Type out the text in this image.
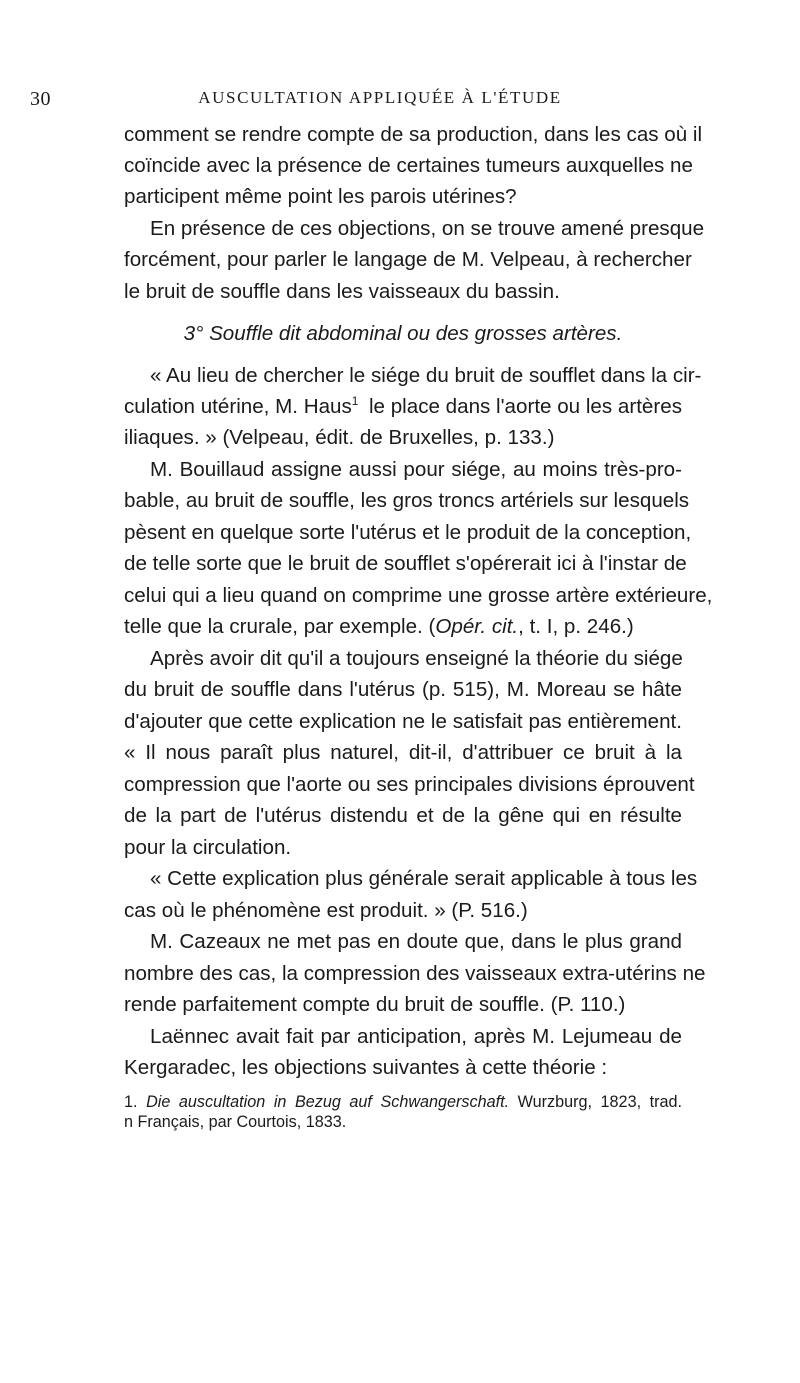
30	AUSCULTATION APPLIQUÉE À L'ÉTUDE
comment se rendre compte de sa production, dans les cas où il
coïncide avec la présence de certaines tumeurs auxquelles ne
participent même point les parois utérines?
En présence de ces objections, on se trouve amené presque
forcément, pour parler le langage de M. Velpeau, à rechercher
le bruit de souffle dans les vaisseaux du bassin.
3° Souffle dit abdominal ou des grosses artères.
« Au lieu de chercher le siége du bruit de soufflet dans la cir-
culation utérine, M. Haus$^1$ le place dans l'aorte ou les artères
iliaques. » (Velpeau, édit. de Bruxelles, p. 133.)
M. Bouillaud assigne aussi pour siége, au moins très-pro-
bable, au bruit de souffle, les gros troncs artériels sur lesquels
pèsent en quelque sorte l'utérus et le produit de la conception,
de telle sorte que le bruit de soufflet s'opérerait ici à l'instar de
celui qui a lieu quand on comprime une grosse artère extérieure,
telle que la crurale, par exemple. (Opér. cit., t. I, p. 246.)
Après avoir dit qu'il a toujours enseigné la théorie du siége
du bruit de souffle dans l'utérus (p. 515), M. Moreau se hâte
d'ajouter que cette explication ne le satisfait pas entièrement.
« Il nous paraît plus naturel, dit-il, d'attribuer ce bruit à la
compression que l'aorte ou ses principales divisions éprouvent
de la part de l'utérus distendu et de la gêne qui en résulte
pour la circulation.
« Cette explication plus générale serait applicable à tous les
cas où le phénomène est produit. » (P. 516.)
M. Cazeaux ne met pas en doute que, dans le plus grand
nombre des cas, la compression des vaisseaux extra-utérins ne
rende parfaitement compte du bruit de souffle. (P. 110.)
Laënnec avait fait par anticipation, après M. Lejumeau de
Kergaradec, les objections suivantes à cette théorie :
1. Die auscultation in Bezug auf Schwangerschaft. Wurzburg, 1823, trad.
n Français, par Courtois, 1833.
